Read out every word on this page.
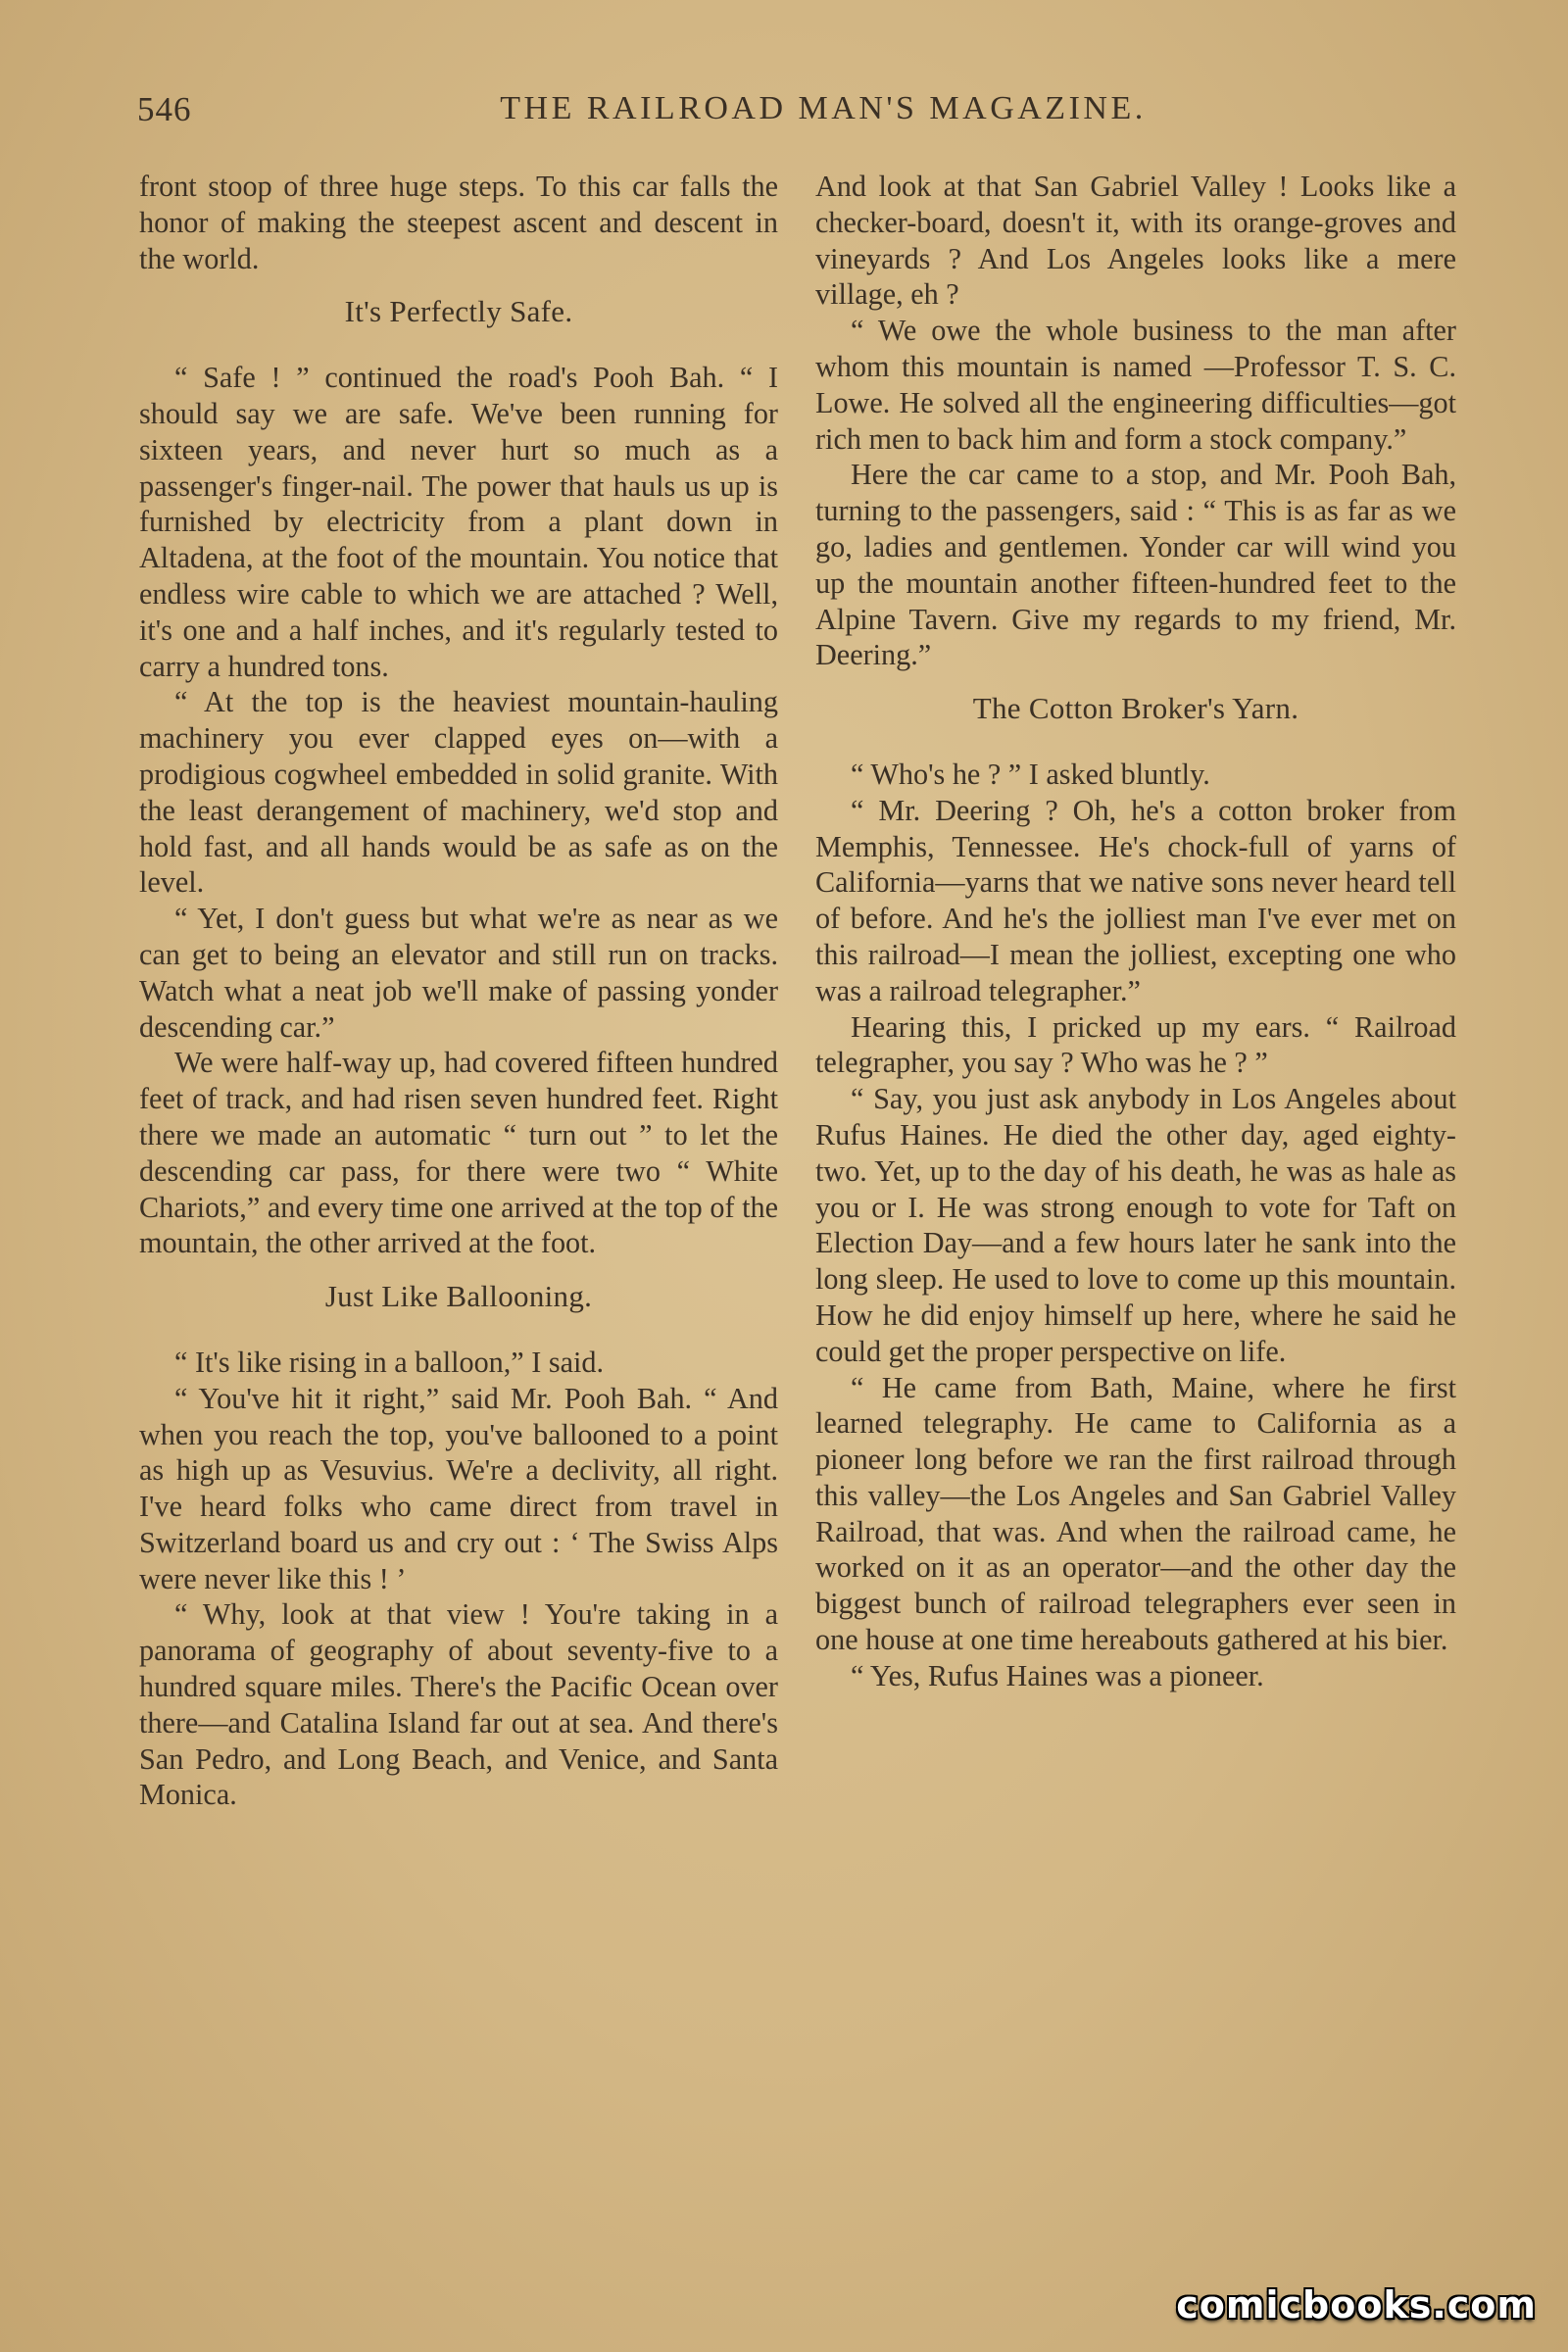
546	THE RAILROAD MAN'S MAGAZINE.

front stoop of three huge steps. To this car falls the honor of making the steepest ascent and descent in the world.

It's Perfectly Safe.

“ Safe ! ” continued the road's Pooh Bah. “ I should say we are safe. We've been running for sixteen years, and never hurt so much as a passenger's finger-nail. The power that hauls us up is furnished by electricity from a plant down in Altadena, at the foot of the mountain. You notice that endless wire cable to which we are attached ? Well, it's one and a half inches, and it's regularly tested to carry a hundred tons.

“ At the top is the heaviest mountain-hauling machinery you ever clapped eyes on—with a prodigious cogwheel embedded in solid granite. With the least derangement of machinery, we'd stop and hold fast, and all hands would be as safe as on the level.

“ Yet, I don't guess but what we're as near as we can get to being an elevator and still run on tracks. Watch what a neat job we'll make of passing yonder descending car.”

We were half-way up, had covered fifteen hundred feet of track, and had risen seven hundred feet. Right there we made an automatic “ turn out ” to let the descending car pass, for there were two “ White Chariots,” and every time one arrived at the top of the mountain, the other arrived at the foot.

Just Like Ballooning.

“ It's like rising in a balloon,” I said.

“ You've hit it right,” said Mr. Pooh Bah. “ And when you reach the top, you've ballooned to a point as high up as Vesuvius. We're a declivity, all right. I've heard folks who came direct from travel in Switzerland board us and cry out : ‘ The Swiss Alps were never like this ! ’

“ Why, look at that view ! You're taking in a panorama of geography of about seventy-five to a hundred square miles. There's the Pacific Ocean over there—and Catalina Island far out at sea. And there's San Pedro, and Long Beach, and Venice, and Santa Monica.

And look at that San Gabriel Valley ! Looks like a checker-board, doesn't it, with its orange-groves and vineyards ? And Los Angeles looks like a mere village, eh ?

“ We owe the whole business to the man after whom this mountain is named —Professor T. S. C. Lowe. He solved all the engineering difficulties—got rich men to back him and form a stock company.”

Here the car came to a stop, and Mr. Pooh Bah, turning to the passengers, said : “ This is as far as we go, ladies and gentlemen. Yonder car will wind you up the mountain another fifteen-hundred feet to the Alpine Tavern. Give my regards to my friend, Mr. Deering.”

The Cotton Broker's Yarn.

“ Who's he ? ” I asked bluntly.

“ Mr. Deering ? Oh, he's a cotton broker from Memphis, Tennessee. He's chock-full of yarns of California—yarns that we native sons never heard tell of before. And he's the jolliest man I've ever met on this railroad—I mean the jolliest, excepting one who was a railroad telegrapher.”

Hearing this, I pricked up my ears. “ Railroad telegrapher, you say ? Who was he ? ”

“ Say, you just ask anybody in Los Angeles about Rufus Haines. He died the other day, aged eighty-two. Yet, up to the day of his death, he was as hale as you or I. He was strong enough to vote for Taft on Election Day—and a few hours later he sank into the long sleep. He used to love to come up this mountain. How he did enjoy himself up here, where he said he could get the proper perspective on life.

“ He came from Bath, Maine, where he first learned telegraphy. He came to California as a pioneer long before we ran the first railroad through this valley—the Los Angeles and San Gabriel Valley Railroad, that was. And when the railroad came, he worked on it as an operator—and the other day the biggest bunch of railroad telegraphers ever seen in one house at one time hereabouts gathered at his bier.

“ Yes, Rufus Haines was a pioneer.

comicbooks.com
